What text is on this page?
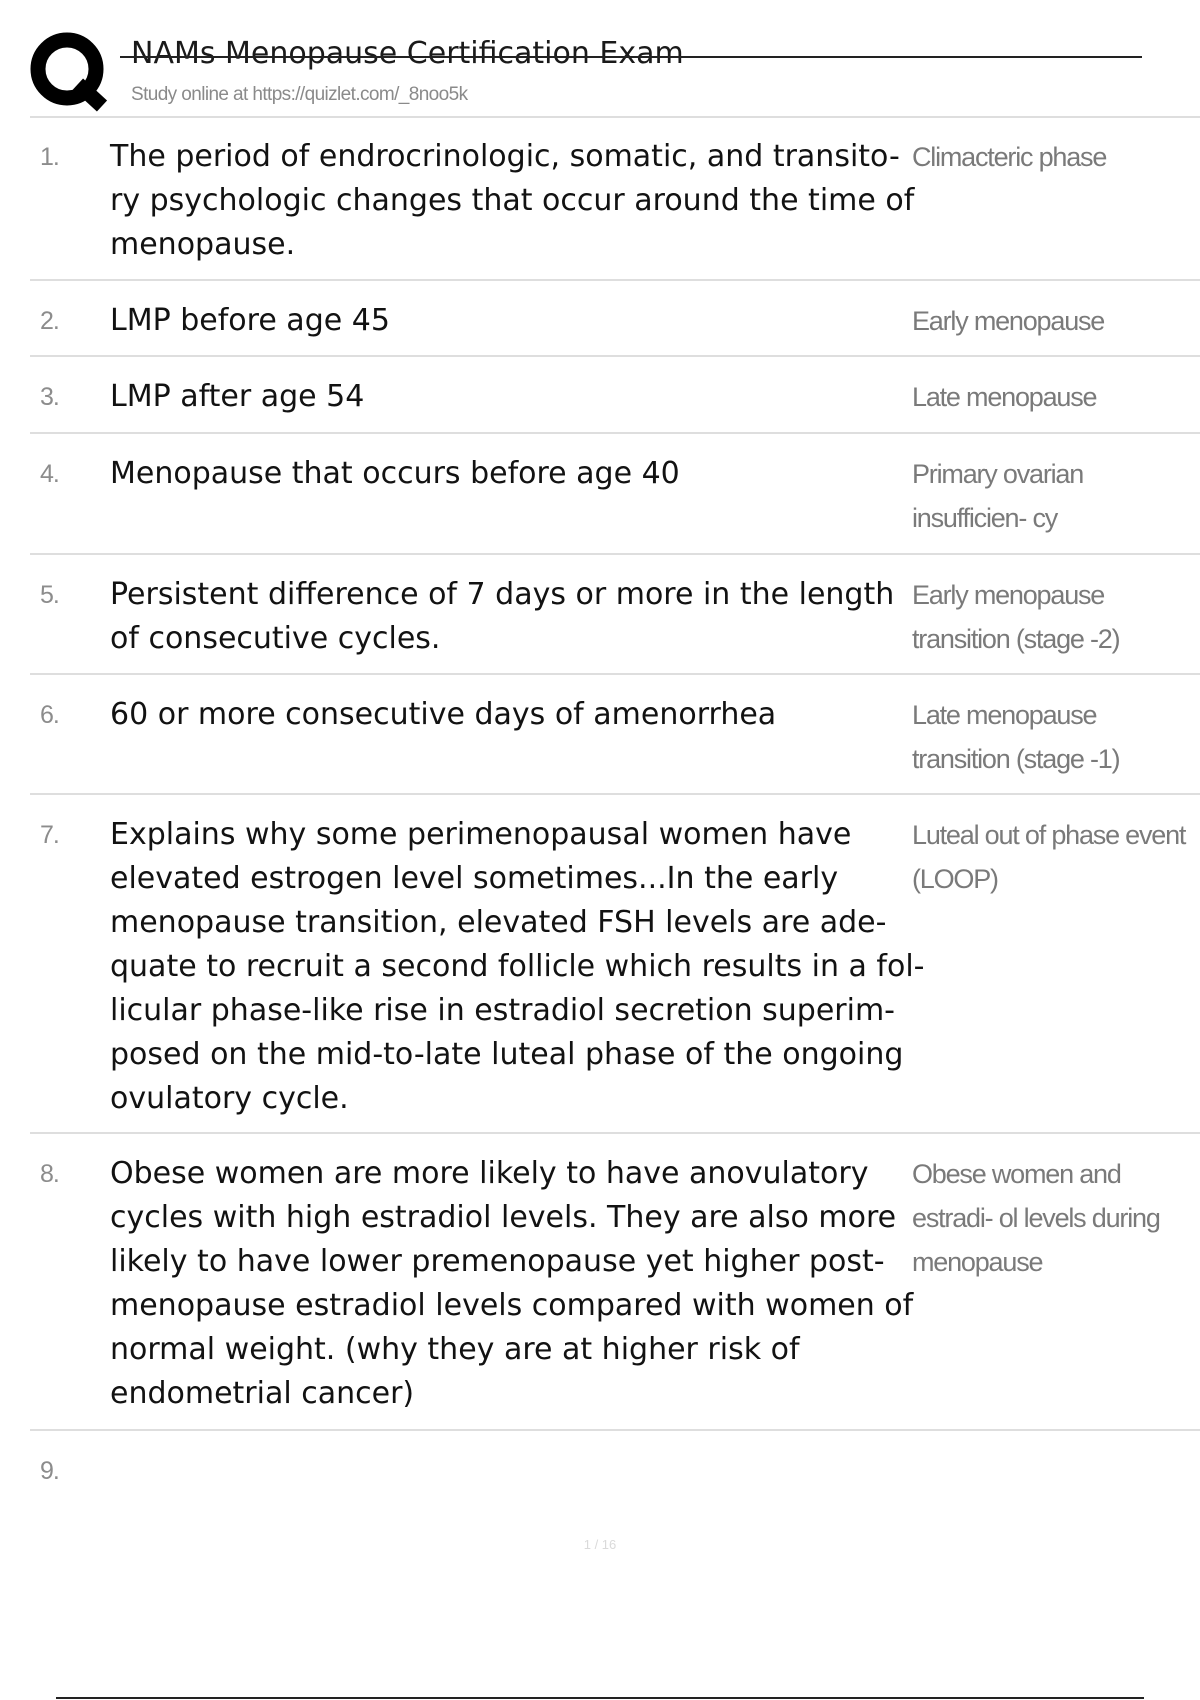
NAMs Menopause Certification Exam
Study online at https://quizlet.com/_8noo5k
1. The period of endrocrinologic, somatic, and transito- ry psychologic changes that occur around the time of menopause.
Climacteric phase
2. LMP before age 45	Early menopause
3. LMP after age 54	Late menopause
4. Menopause that occurs before age 40	Primary ovarian insufficien- cy
5. Persistent difference of 7 days or more in the length of consecutive cycles.
Early menopause transition (stage -2)
6. 60 or more consecutive days of amenorrhea	Late menopause transition (stage -1)
7. Explains why some perimenopausal women have elevated estrogen level sometimes...In the early menopause transition, elevated FSH levels are ade- quate to recruit a second follicle which results in a fol- licular phase-like rise in estradiol secretion superim- posed on the mid-to-late luteal phase of the ongoing ovulatory cycle.
Luteal out of phase event (LOOP)
8. Obese women are more likely to have anovulatory cycles with high estradiol levels. They are also more likely to have lower premenopause yet higher post- menopause estradiol levels compared with women of normal weight. (why they are at higher risk of endometrial cancer)
Obese women and estradi- ol levels during menopause
9.
1 / 16
